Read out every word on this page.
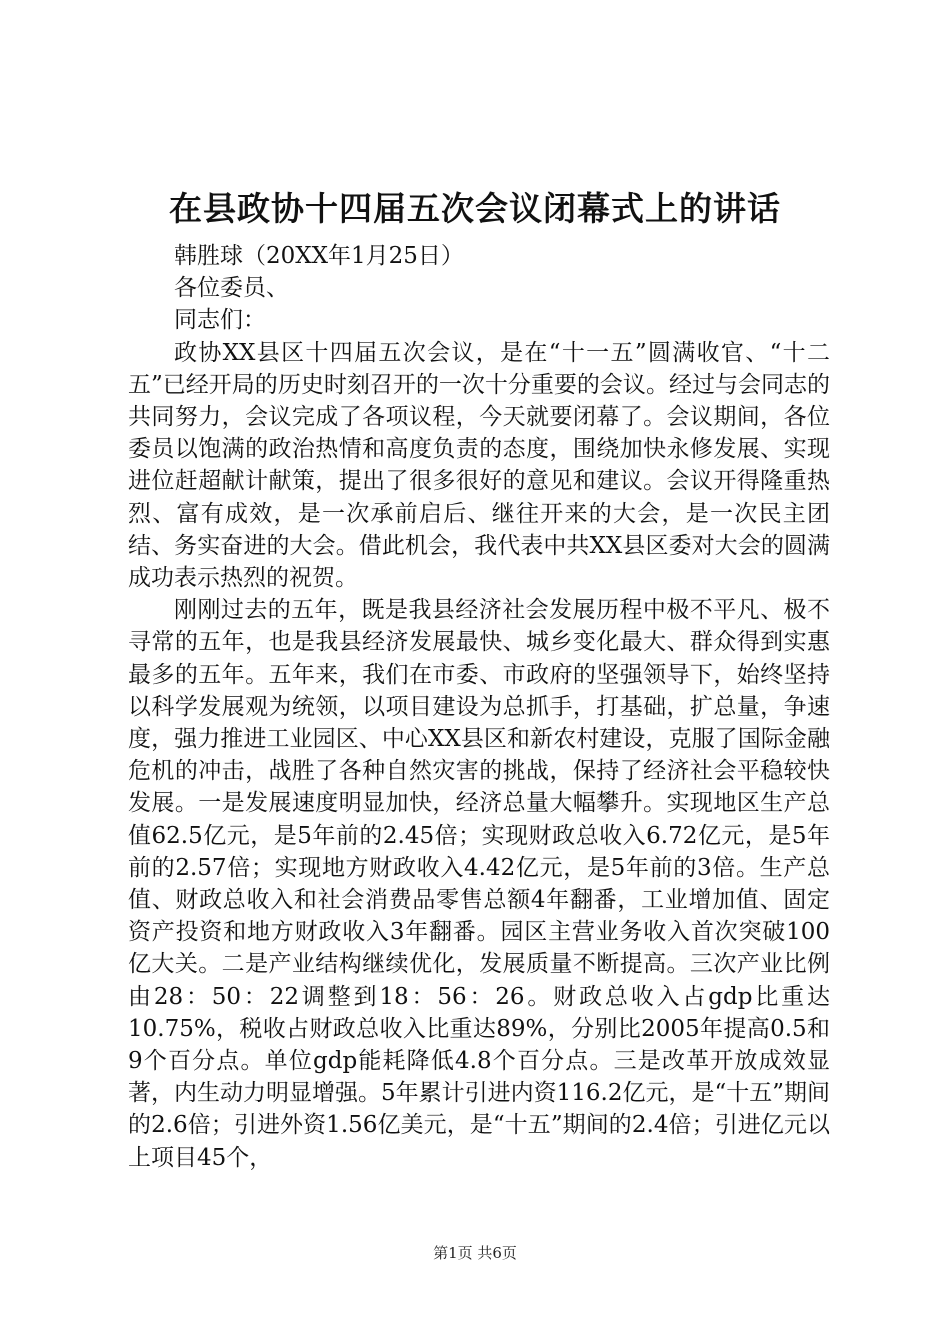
在县政协十四届五次会议闭幕式上的讲话

韩胜球（20XX年1月25日）

各位委员、

同志们：

政协XX县区十四届五次会议，是在“十一五”圆满收官、“十二五”已经开局的历史时刻召开的一次十分重要的会议。经过与会同志的共同努力，会议完成了各项议程，今天就要闭幕了。会议期间，各位委员以饱满的政治热情和高度负责的态度，围绕加快永修发展、实现进位赶超献计献策，提出了很多很好的意见和建议。会议开得隆重热烈、富有成效，是一次承前启后、继往开来的大会，是一次民主团结、务实奋进的大会。借此机会，我代表中共XX县区委对大会的圆满成功表示热烈的祝贺。

刚刚过去的五年，既是我县经济社会发展历程中极不平凡、极不寻常的五年，也是我县经济发展最快、城乡变化最大、群众得到实惠最多的五年。五年来，我们在市委、市政府的坚强领导下，始终坚持以科学发展观为统领，以项目建设为总抓手，打基础，扩总量，争速度，强力推进工业园区、中心XX县区和新农村建设，克服了国际金融危机的冲击，战胜了各种自然灾害的挑战，保持了经济社会平稳较快发展。一是发展速度明显加快，经济总量大幅攀升。实现地区生产总值62.5亿元，是5年前的2.45倍；实现财政总收入6.72亿元，是5年前的2.57倍；实现地方财政收入4.42亿元，是5年前的3倍。生产总值、财政总收入和社会消费品零售总额4年翻番，工业增加值、固定资产投资和地方财政收入3年翻番。园区主营业务收入首次突破100亿大关。二是产业结构继续优化，发展质量不断提高。三次产业比例由28：50：22调整到18：56：26。财政总收入占gdp比重达10.75%，税收占财政总收入比重达89%，分别比2005年提高0.5和9个百分点。单位gdp能耗降低4.8个百分点。三是改革开放成效显著，内生动力明显增强。5年累计引进内资116.2亿元，是“十五”期间的2.6倍；引进外资1.56亿美元，是“十五”期间的2.4倍；引进亿元以上项目45个，

第1页 共6页
